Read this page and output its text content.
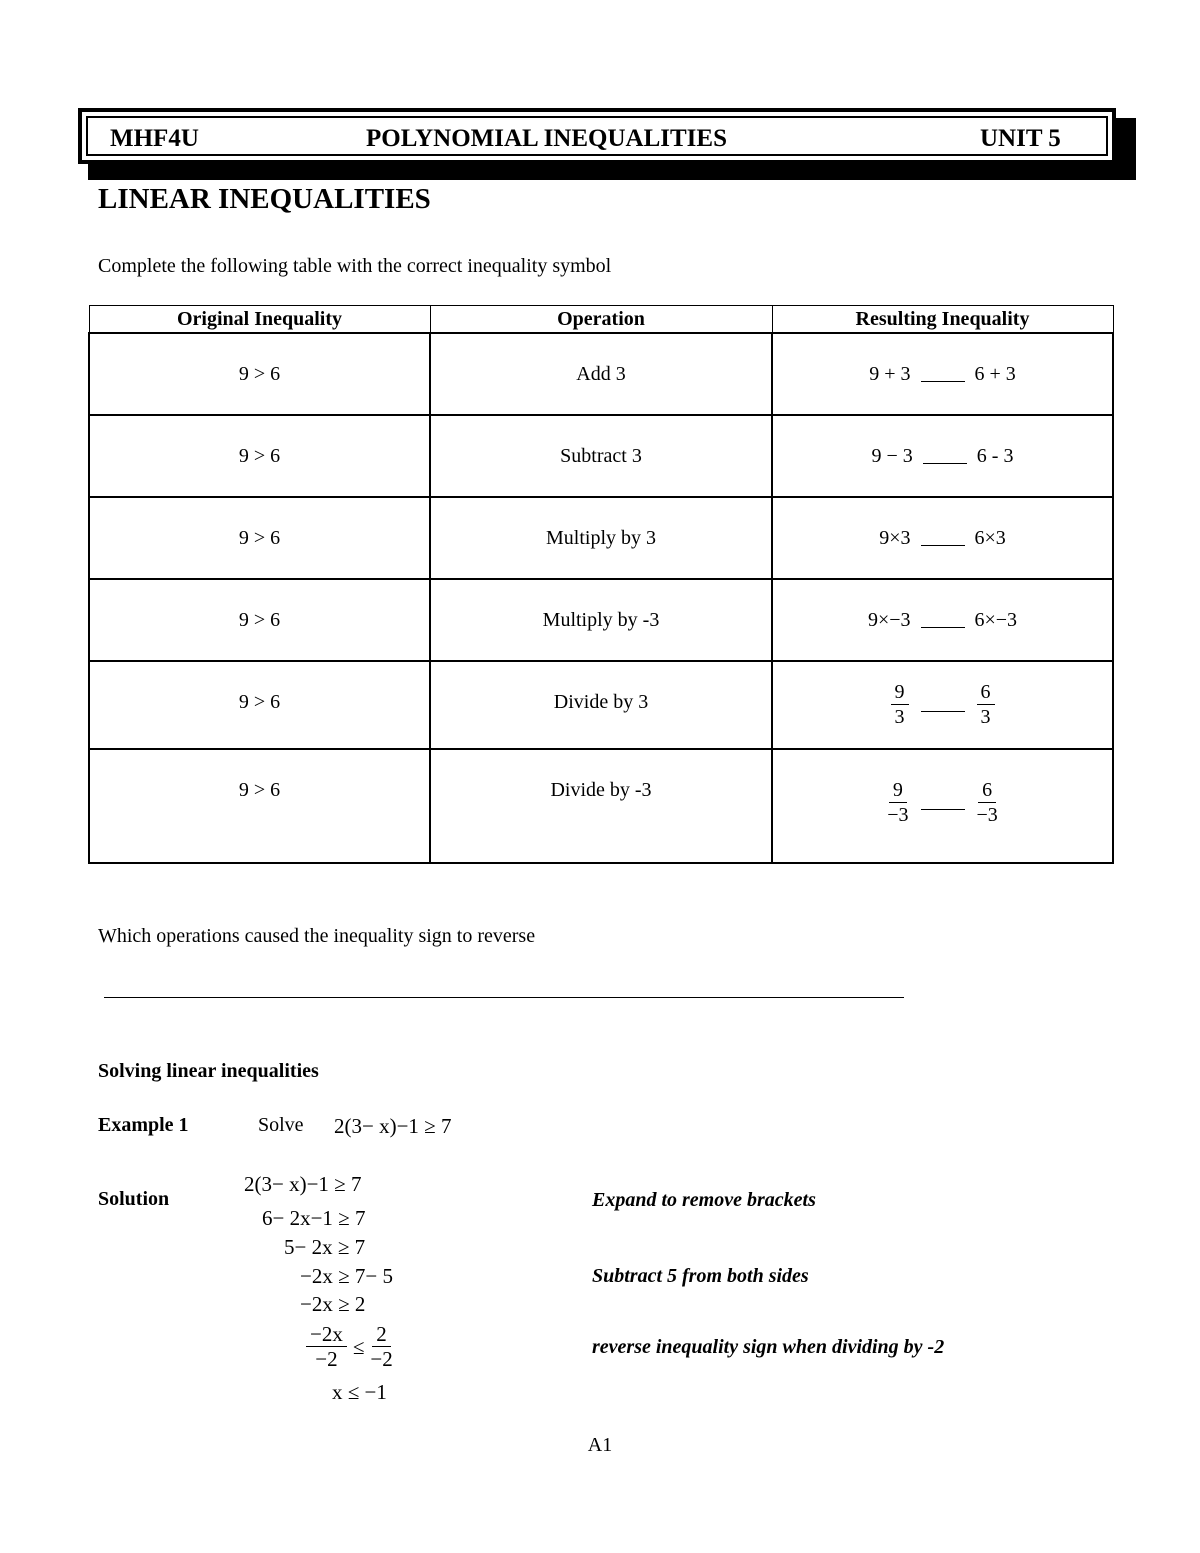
MHF4U	POLYNOMIAL INEQUALITIES	UNIT 5
LINEAR INEQUALITIES
Complete the following table with the correct inequality symbol
Original Inequality	Operation	Resulting Inequality

9 > 6	Add 3	9 + 3 6 + 3

9 > 6	Subtract 3	9 − 3 6 - 3

9 > 6	Multiply by 3	9×3 6×3

9 > 6	Multiply by -3	9×−3 6×−3

9 > 6	Divide by 3	$\frac{9}{3} \frac{6}{3}$

9 > 6	Divide by -3	$\frac{9}{-3} \frac{6}{-3}$
Which operations caused the inequality sign to reverse
Solving linear inequalities
Example 1	Solve 2(3− x)−1 ≥ 7
Solution
2(3− x)−1 ≥ 7
6− 2x−1 ≥ 7
5− 2x ≥ 7
−2x ≥ 7− 5
−2x ≥ 2
$\frac{-2x}{-2} \le \frac{2}{-2}$
x ≤ −1
Expand to remove brackets
Subtract 5 from both sides
reverse inequality sign when dividing by -2
A1
